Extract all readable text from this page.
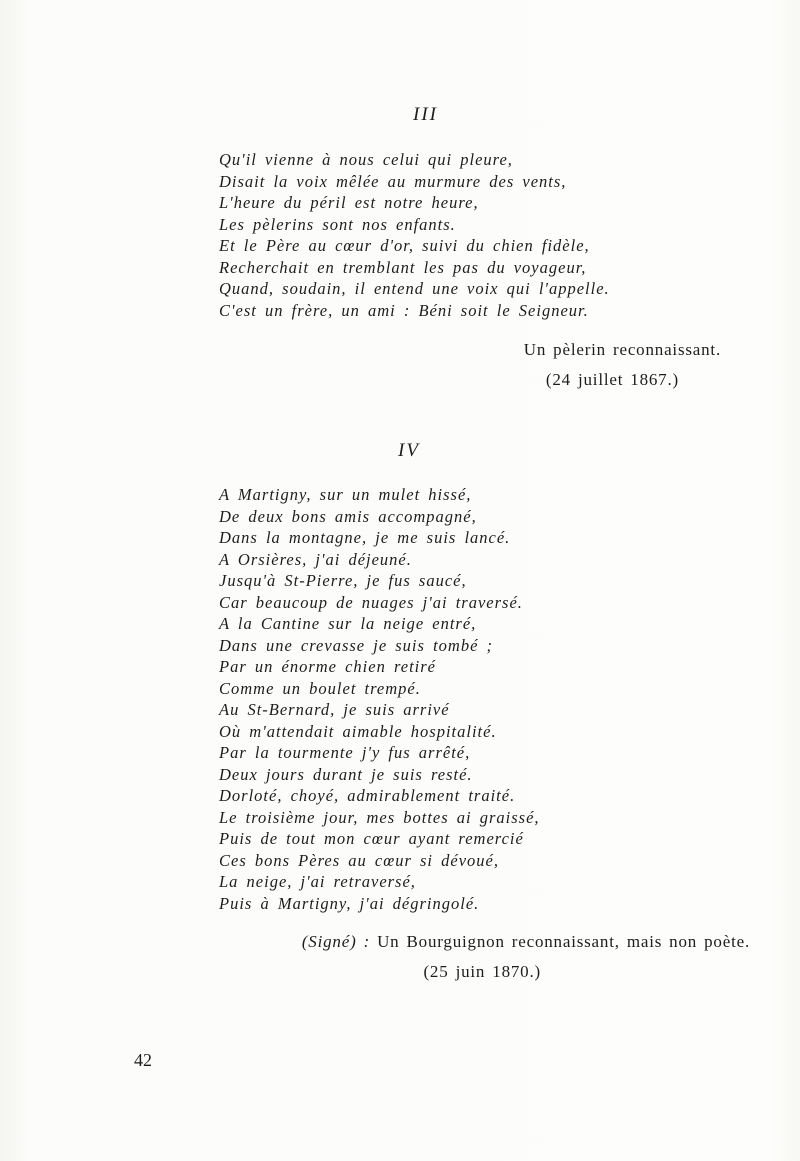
III
Qu'il vienne à nous celui qui pleure,
Disait la voix mêlée au murmure des vents,
L'heure du péril est notre heure,
Les pèlerins sont nos enfants.
Et le Père au cœur d'or, suivi du chien fidèle,
Recherchait en tremblant les pas du voyageur,
Quand, soudain, il entend une voix qui l'appelle.
C'est un frère, un ami : Béni soit le Seigneur.

Un pèlerin reconnaissant.

(24 juillet 1867.)

IV
A Martigny, sur un mulet hissé,
De deux bons amis accompagné,
Dans la montagne, je me suis lancé.
A Orsières, j'ai déjeuné.
Jusqu'à St-Pierre, je fus saucé,
Car beaucoup de nuages j'ai traversé.
A la Cantine sur la neige entré,
Dans une crevasse je suis tombé ;
Par un énorme chien retiré
Comme un boulet trempé.
Au St-Bernard, je suis arrivé
Où m'attendait aimable hospitalité.
Par la tourmente j'y fus arrêté,
Deux jours durant je suis resté.
Dorloté, choyé, admirablement traité.
Le troisième jour, mes bottes ai graissé,
Puis de tout mon cœur ayant remercié
Ces bons Pères au cœur si dévoué,
La neige, j'ai retraversé,
Puis à Martigny, j'ai dégringolé.

(Signé) : Un Bourguignon reconnaissant, mais non poète.

(25 juin 1870.)

42
